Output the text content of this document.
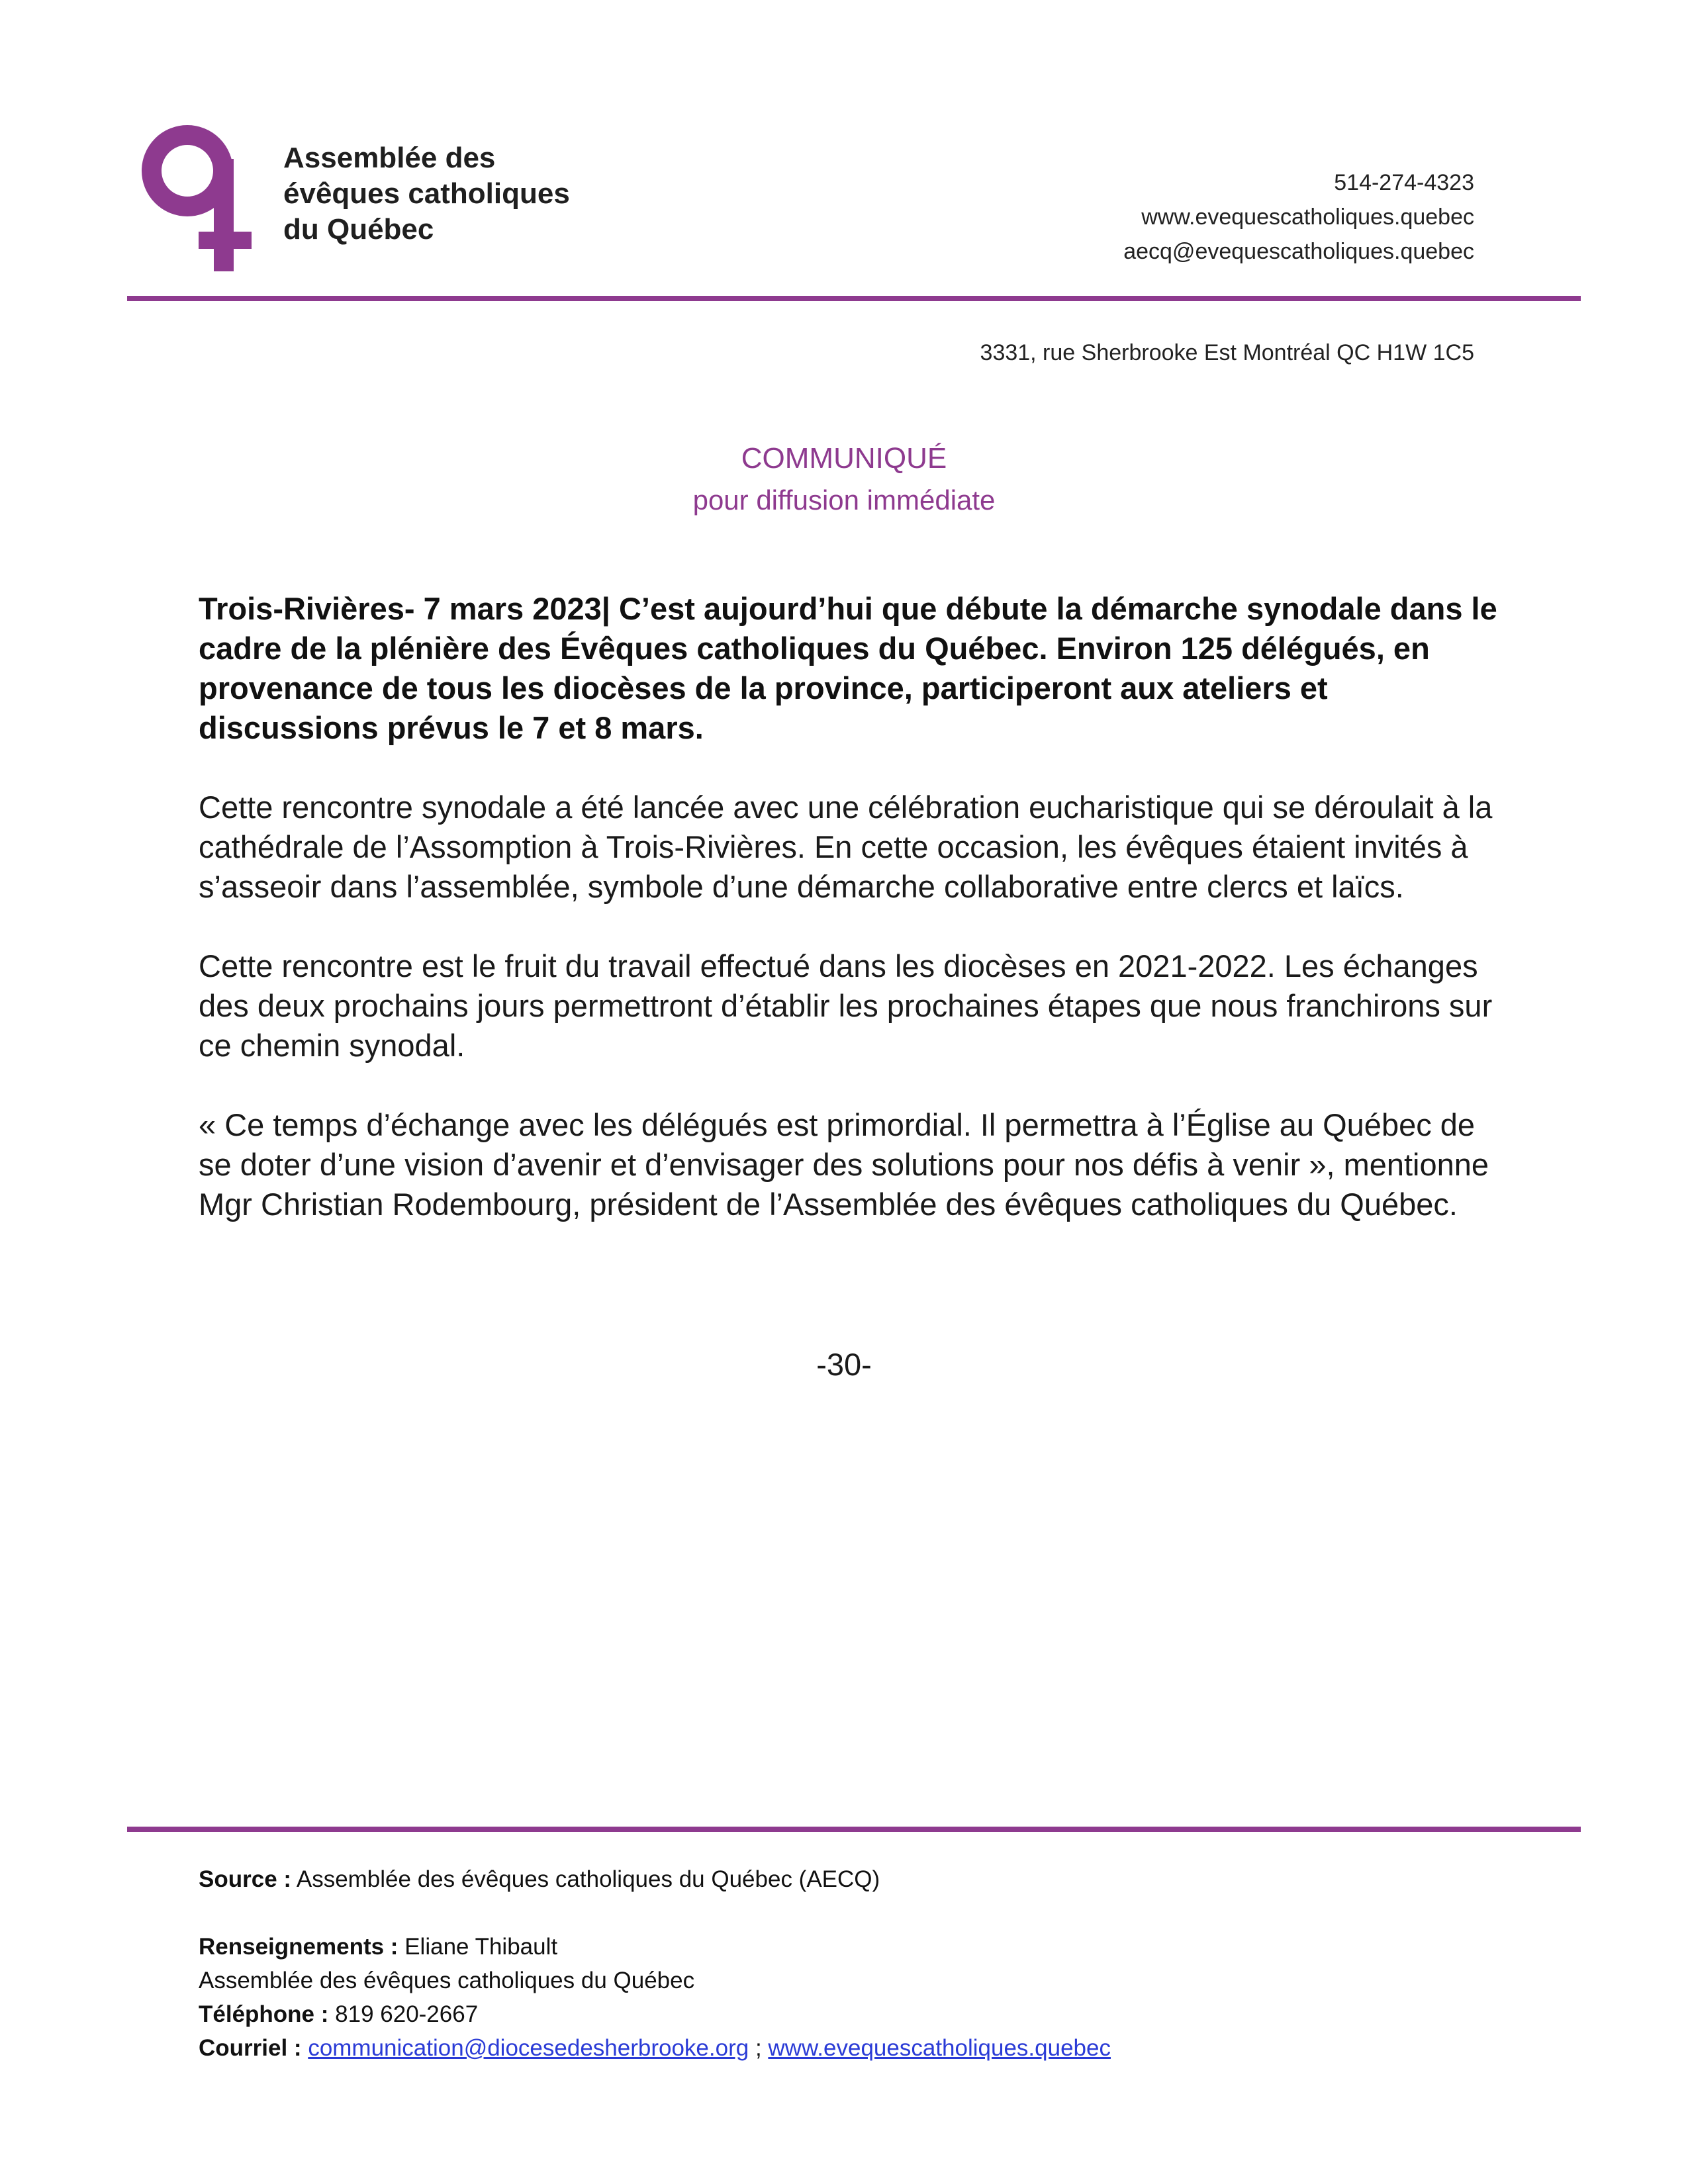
Assemblée des
évêques catholiques
du Québec
514-274-4323
www.evequescatholiques.quebec
aecq@evequescatholiques.quebec
3331, rue Sherbrooke Est Montréal QC H1W 1C5
COMMUNIQUÉ
pour diffusion immédiate

Trois-Rivières- 7 mars 2023| C’est aujourd’hui que débute la démarche synodale dans le cadre de la plénière des Évêques catholiques du Québec. Environ 125 délégués, en provenance de tous les diocèses de la province, participeront aux ateliers et discussions prévus le 7 et 8 mars.

Cette rencontre synodale a été lancée avec une célébration eucharistique qui se déroulait à la cathédrale de l’Assomption à Trois-Rivières. En cette occasion, les évêques étaient invités à s’asseoir dans l’assemblée, symbole d’une démarche collaborative entre clercs et laïcs.

Cette rencontre est le fruit du travail effectué dans les diocèses en 2021-2022. Les échanges des deux prochains jours permettront d’établir les prochaines étapes que nous franchirons sur ce chemin synodal.

« Ce temps d’échange avec les délégués est primordial. Il permettra à l’Église au Québec de se doter d’une vision d’avenir et d’envisager des solutions pour nos défis à venir », mentionne Mgr Christian Rodembourg, président de l’Assemblée des évêques catholiques du Québec.

-30-
Source : Assemblée des évêques catholiques du Québec (AECQ)
Renseignements : Eliane Thibault
Assemblée des évêques catholiques du Québec
Téléphone : 819 620-2667
Courriel : communication@diocesedesherbrooke.org ; www.evequescatholiques.quebec
